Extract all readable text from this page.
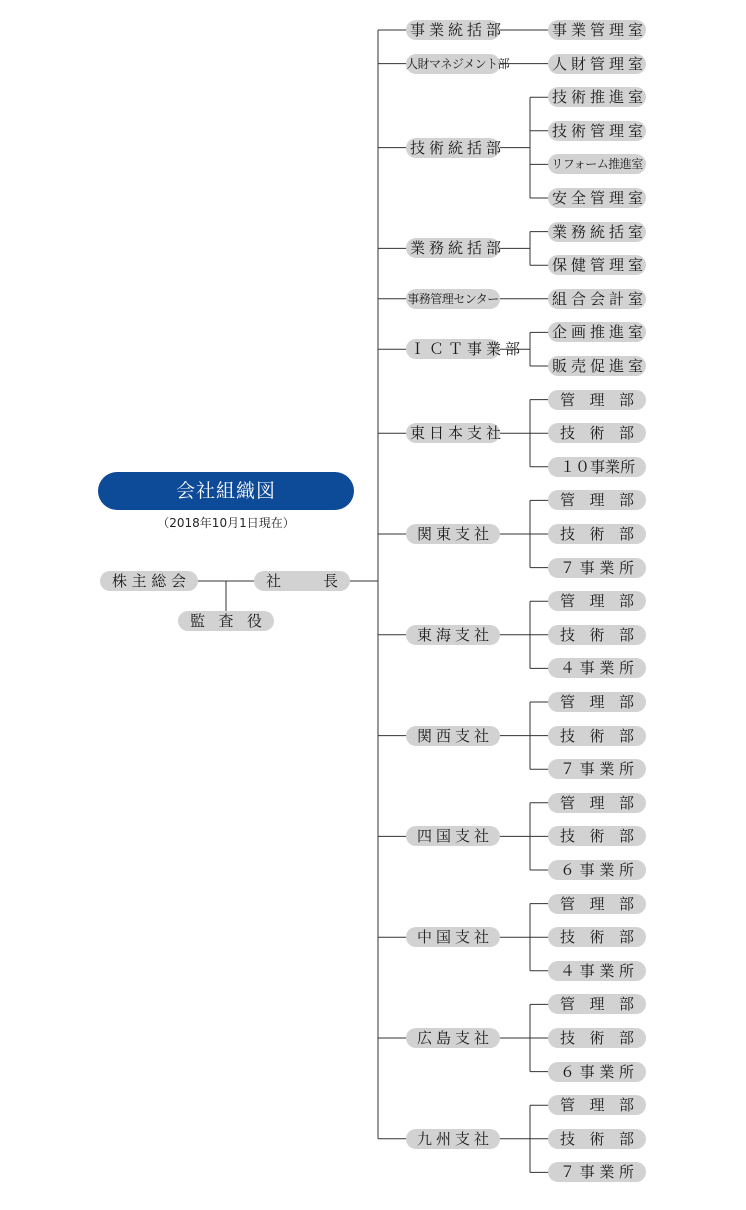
会社組織図
（2018年10月1日現在）
株 主 総 会	社	長
監 査 役
事業統括部	事業管理室
人財マネジメント部	人財管理室
技術統括部
技術推進室
技術管理室
リフォーム推進室
安全管理室
業務統括部
業務統括室
保健管理室
事務管理センター	組合会計室
ＩＣＴ事業部
企画推進室
販売促進室
東日本支社
管 理 部
技 術 部
１ ０ 事 業 所
関東支社
管 理 部
技 術 部
７ 事 業 所
東海支社
管 理 部
技 術 部
４ 事 業 所
関西支社
管 理 部
技 術 部
７ 事 業 所
四国支社
管 理 部
技 術 部
６ 事 業 所
中国支社
管 理 部
技 術 部
４ 事 業 所
広島支社
管 理 部
技 術 部
６ 事 業 所
九州支社
管 理 部
技 術 部
７ 事 業 所
